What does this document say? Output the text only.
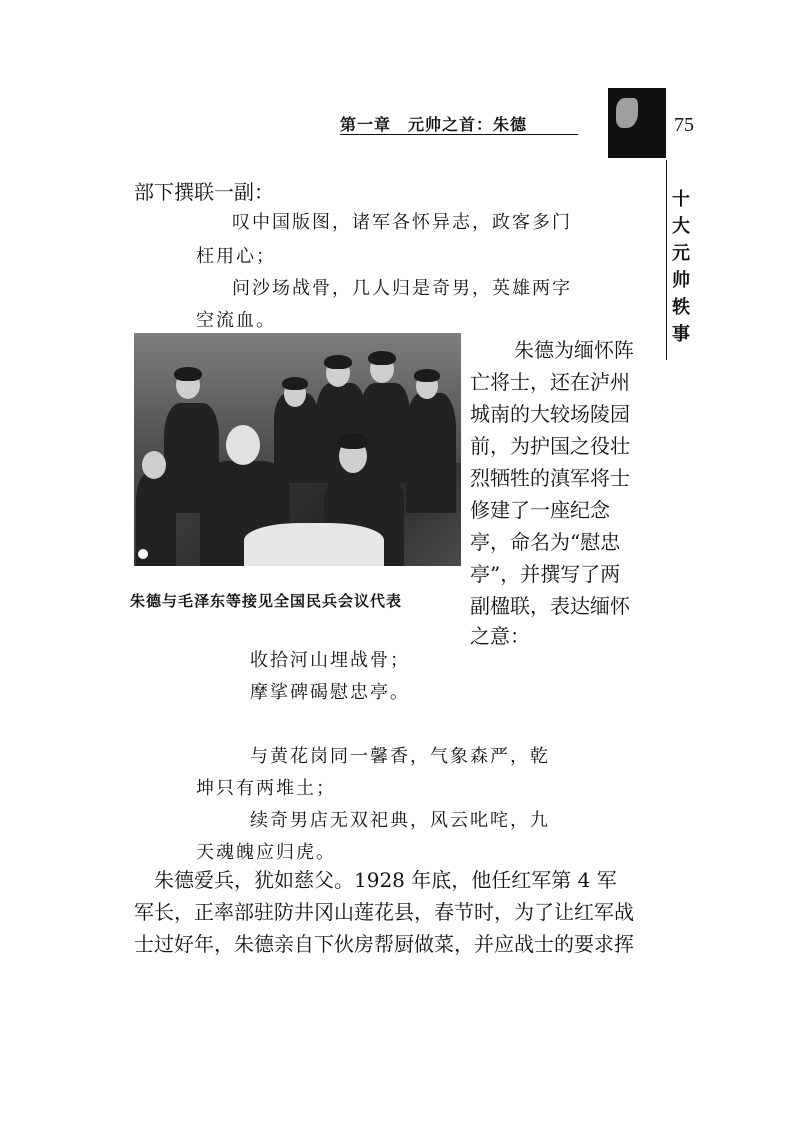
第一章　元帅之首：朱德	75
十大元帅轶事
部下撰联一副：
叹中国版图，诸军各怀异志，政客多门
枉用心；
问沙场战骨，几人归是奇男，英雄两字
空流血。
朱德与毛泽东等接见全国民兵会议代表
朱德为缅怀阵
亡将士，还在泸州
城南的大较场陵园
前，为护国之役壮
烈牺牲的滇军将士
修建了一座纪念
亭，命名为“慰忠
亭”，并撰写了两
副楹联，表达缅怀
之意：
收拾河山埋战骨；
摩挲碑碣慰忠亭。
与黄花岗同一馨香，气象森严，乾
坤只有两堆土；
续奇男店无双祀典，风云叱咤，九
天魂魄应归虎。
朱德爱兵，犹如慈父。1928 年底，他任红军第 4 军
军长，正率部驻防井冈山莲花县，春节时，为了让红军战
士过好年，朱德亲自下伙房帮厨做菜，并应战士的要求挥
